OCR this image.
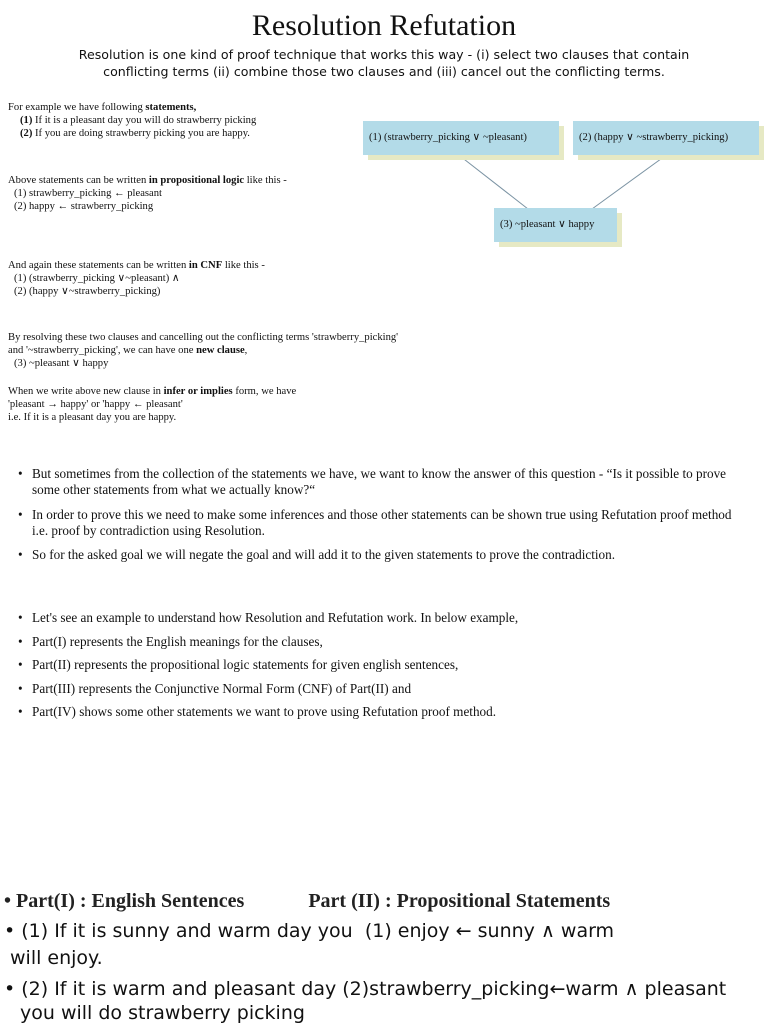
Resolution Refutation
Resolution is one kind of proof technique that works this way - (i) select two clauses that contain conflicting terms (ii) combine those two clauses and (iii) cancel out the conflicting terms.
For example we have following statements,
(1) If it is a pleasant day you will do strawberry picking
(2) If you are doing strawberry picking you are happy.
Above statements can be written in propositional logic like this -
(1) strawberry_picking ← pleasant
(2) happy ← strawberry_picking
And again these statements can be written in CNF like this -
(1) (strawberry_picking ∨~pleasant) ∧
(2) (happy ∨~strawberry_picking)
By resolving these two clauses and cancelling out the conflicting terms 'strawberry_picking'
and '~strawberry_picking', we can have one new clause,
(3) ~pleasant ∨ happy
When we write above new clause in infer or implies form, we have
'pleasant → happy' or 'happy ← pleasant'
i.e. If it is a pleasant day you are happy.
(1) (strawberry_picking ∨ ~pleasant)	(2) (happy ∨ ~strawberry_picking)
(3) ~pleasant ∨ happy
• But sometimes from the collection of the statements we have, we want to know the answer of this question - “Is it possible to prove some other statements from what we actually know?“
• In order to prove this we need to make some inferences and those other statements can be shown true using Refutation proof method i.e. proof by contradiction using Resolution.
• So for the asked goal we will negate the goal and will add it to the given statements to prove the contradiction.
• Let's see an example to understand how Resolution and Refutation work. In below example,
• Part(I) represents the English meanings for the clauses,
• Part(II) represents the propositional logic statements for given english sentences,
• Part(III) represents the Conjunctive Normal Form (CNF) of Part(II) and
• Part(IV) shows some other statements we want to prove using Refutation proof method.
• Part(I) : English Sentences	Part (II) : Propositional Statements
• (1) If it is sunny and warm day you (1) enjoy ← sunny ∧ warm
will enjoy.
• (2) If it is warm and pleasant day (2)strawberry_picking←warm ∧ pleasant
you will do strawberry picking
